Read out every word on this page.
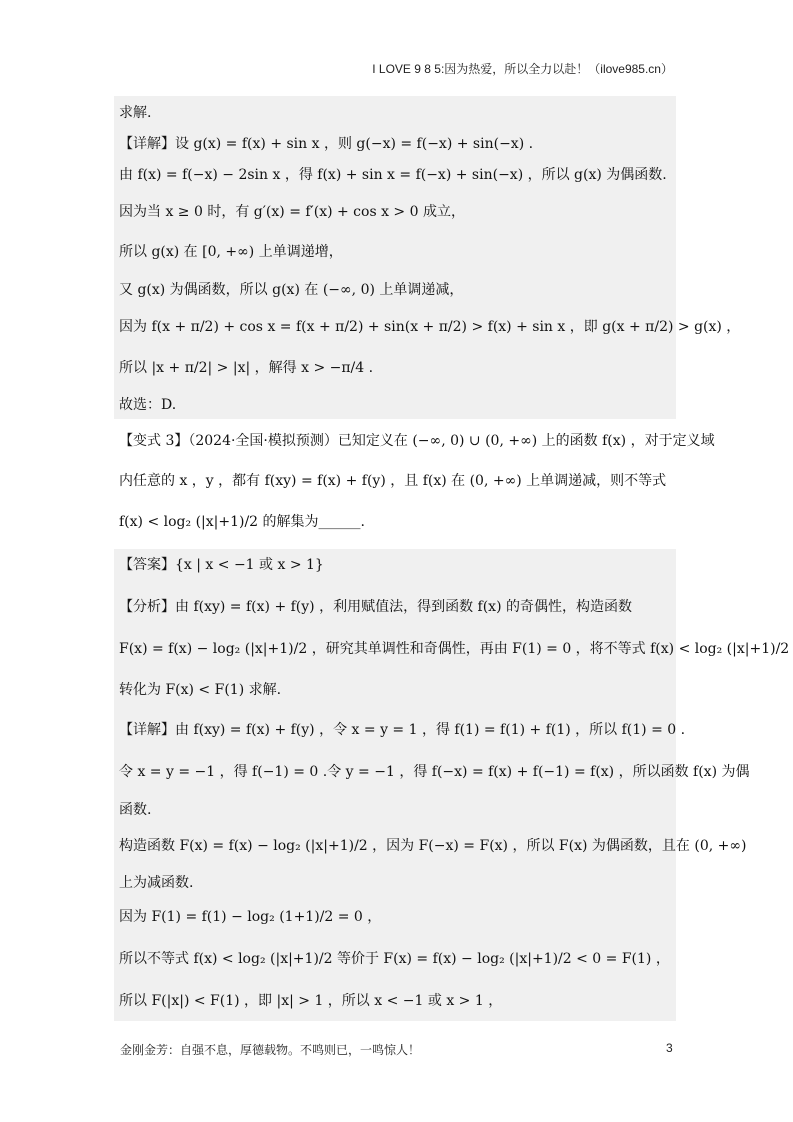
I LOVE 9 8 5:因为热爱，所以全力以赴！（ilove985.cn）
求解.
【详解】设 g(x) = f(x) + sin x ，则 g(−x) = f(−x) + sin(−x) .
由 f(x) = f(−x) − 2sin x ，得 f(x) + sin x = f(−x) + sin(−x) ，所以 g(x) 为偶函数.
因为当 x ≥ 0 时，有 g′(x) = f′(x) + cos x > 0 成立，
所以 g(x) 在 [0, +∞) 上单调递增，
又 g(x) 为偶函数，所以 g(x) 在 (−∞, 0) 上单调递减，
因为 f(x + π/2) + cos x = f(x + π/2) + sin(x + π/2) > f(x) + sin x ，即 g(x + π/2) > g(x) ，
所以 |x + π/2| > |x| ，解得 x > −π/4 .
故选：D.
【变式 3】（2024·全国·模拟预测）已知定义在 (−∞, 0) ∪ (0, +∞) 上的函数 f(x) ，对于定义域
内任意的 x ，y ，都有 f(xy) = f(x) + f(y) ，且 f(x) 在 (0, +∞) 上单调递减，则不等式
f(x) < log₂ (|x|+1)/2 的解集为______.
【答案】{x | x < −1 或 x > 1}
【分析】由 f(xy) = f(x) + f(y) ，利用赋值法，得到函数 f(x) 的奇偶性，构造函数
F(x) = f(x) − log₂ (|x|+1)/2 ，研究其单调性和奇偶性，再由 F(1) = 0 ，将不等式 f(x) < log₂ (|x|+1)/2
转化为 F(x) < F(1) 求解.
【详解】由 f(xy) = f(x) + f(y) ，令 x = y = 1 ，得 f(1) = f(1) + f(1) ，所以 f(1) = 0 .
令 x = y = −1 ，得 f(−1) = 0 .令 y = −1 ，得 f(−x) = f(x) + f(−1) = f(x) ，所以函数 f(x) 为偶
函数.
构造函数 F(x) = f(x) − log₂ (|x|+1)/2 ，因为 F(−x) = F(x) ，所以 F(x) 为偶函数，且在 (0, +∞)
上为减函数.
因为 F(1) = f(1) − log₂ (1+1)/2 = 0 ，
所以不等式 f(x) < log₂ (|x|+1)/2 等价于 F(x) = f(x) − log₂ (|x|+1)/2 < 0 = F(1) ，
所以 F(|x|) < F(1) ，即 |x| > 1 ，所以 x < −1 或 x > 1 ，
金刚金芳：自强不息，厚德载物。不鸣则已，一鸣惊人！	3
